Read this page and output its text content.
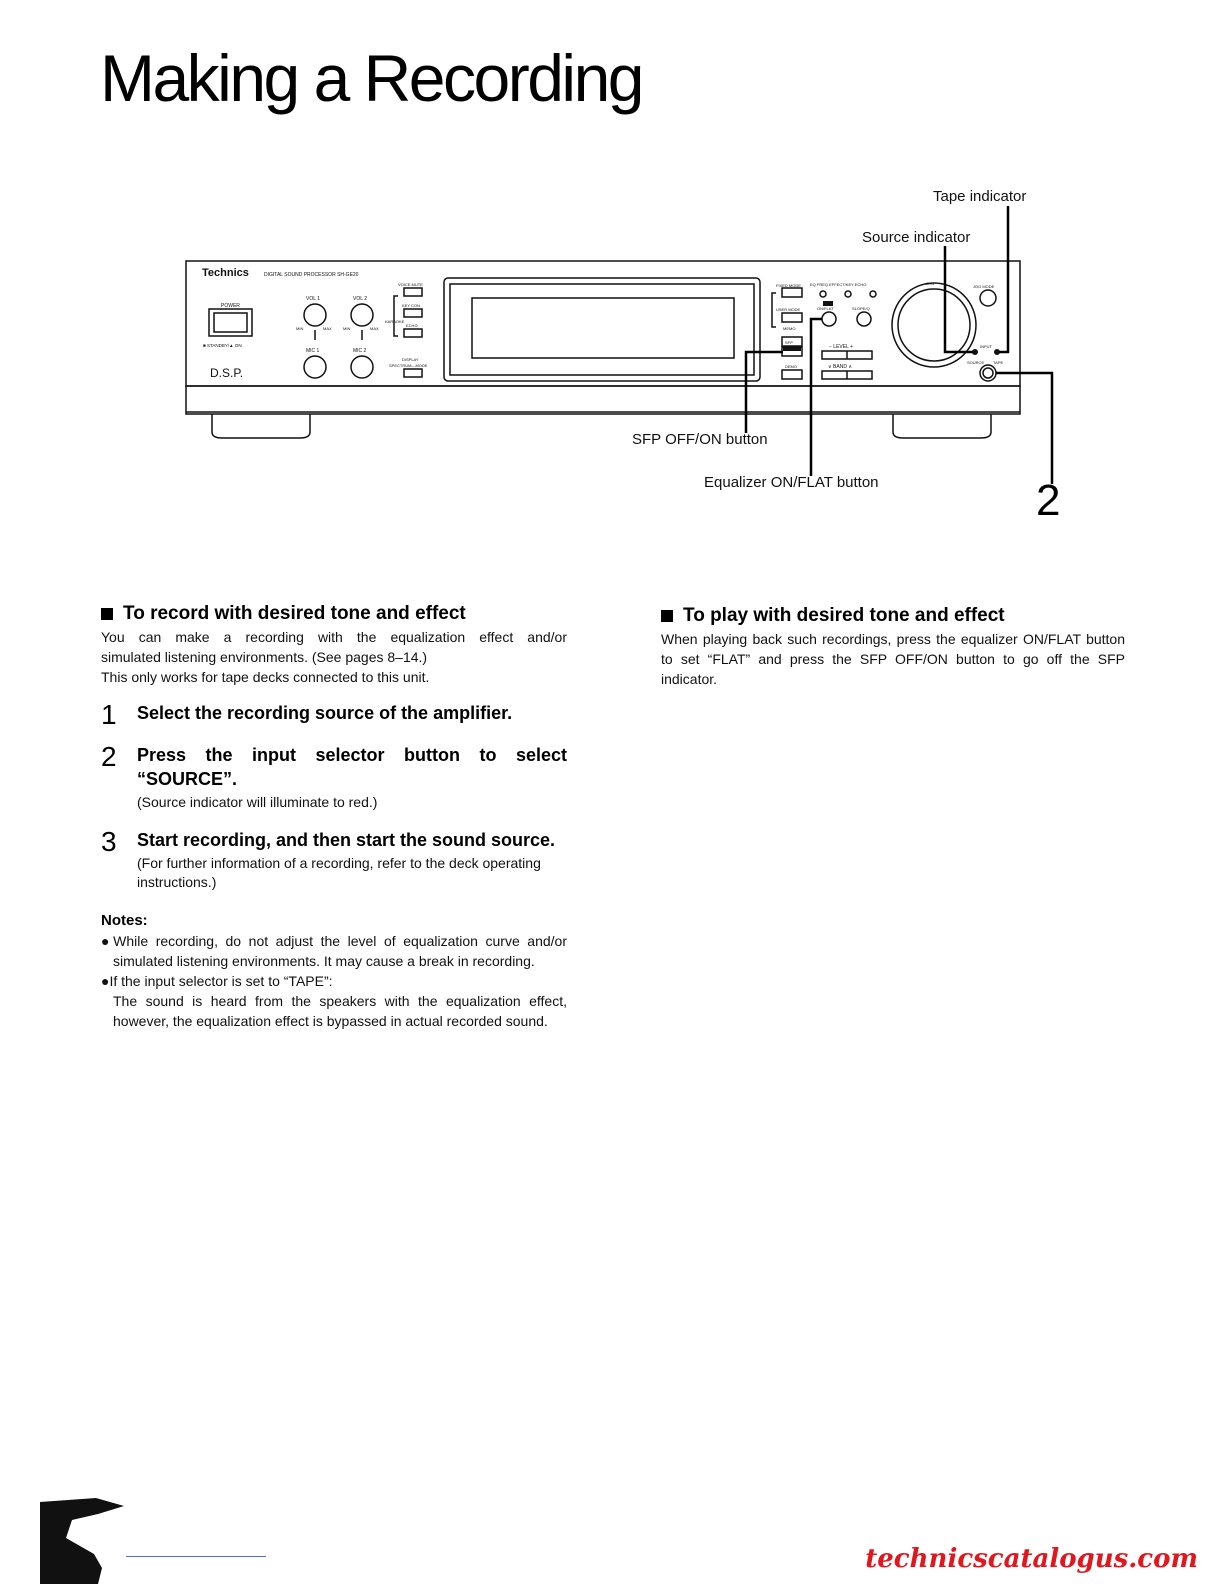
Making a Recording
Tape indicator
Source indicator
SFP OFF/ON button
Equalizer ON/FLAT button	2
Technics	DIGITAL SOUND PROCESSOR SH-GE20
POWER
■ STANDBY/▲ ON
D.S.P.
VOL 1	VOL 2
MIN	MAX	MIN	MAX
MIC 1	MIC 2
VOICE MUTE
KEY CON
KARAOKE
ECHO
DISPLAY
SPECTRUM—MODE
FIXED MODE EQ FREQ EFFECT/KEY ECHO
USER MODE
MEMO
ON/FLAT	SLOPE/Q
− LEVEL +
∨ BAND ∧
DEMO
SFP
JOG
JOG MODE
INPUT
SOURCE TAPE
To record with desired tone and effect

You can make a recording with the equalization effect and/or

simulated listening environments. (See pages 8–14.)

This only works for tape decks connected to this unit.

1	Select the recording source of the amplifier.
2	Press the input selector button to select “SOURCE”.
(Source indicator will illuminate to red.)
3	Start recording, and then start the sound source.
(For further information of a recording, refer to the deck operating instructions.)
Notes:
●While recording, do not adjust the level of equalization curve and/or simulated listening environments. It may cause a break in recording.
●If the input selector is set to “TAPE”:
The sound is heard from the speakers with the equalization effect, however, the equalization effect is bypassed in actual recorded sound.
To play with desired tone and effect

When playing back such recordings, press the equalizer ON/FLAT button to set “FLAT” and press the SFP OFF/ON button to go off the SFP indicator.

technicscatalogus.com
